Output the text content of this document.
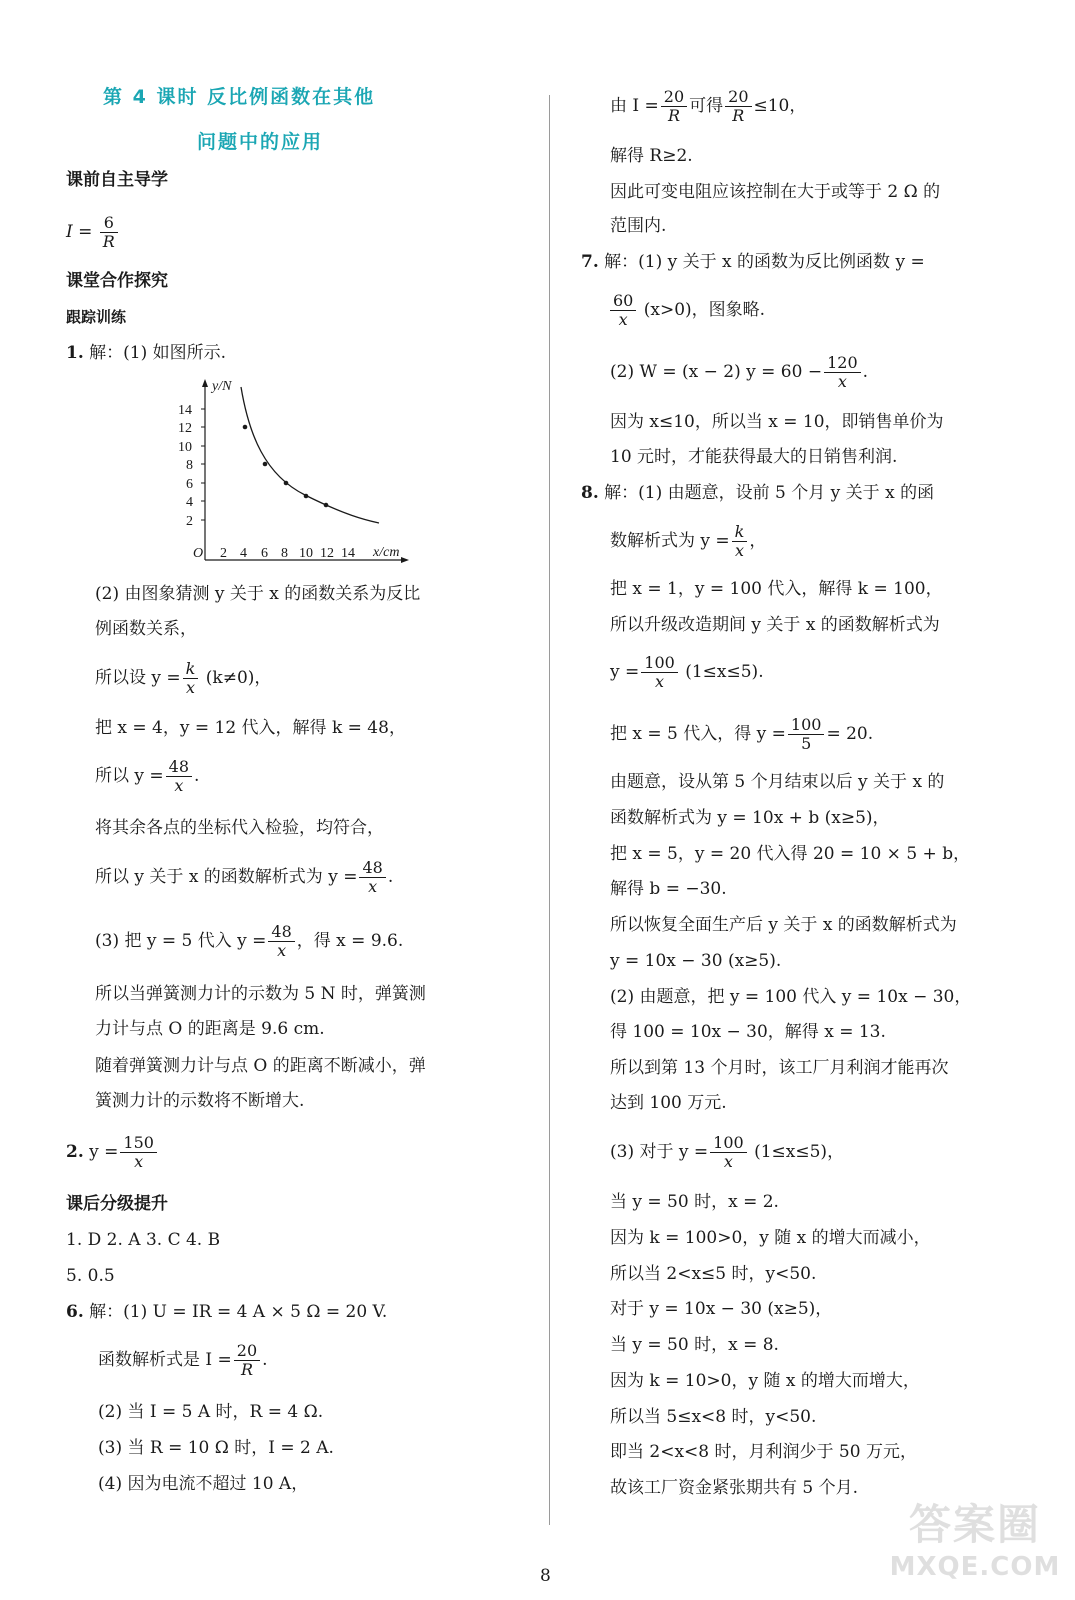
第 4 课时 反比例函数在其他
问题中的应用
课前自主导学
$I = \frac{6}{R}$
课堂合作探究
跟踪训练
1. 解：(1) 如图所示.
y/N
x/cm
O
14
12
10
8
6
4
2
2 4 6 8 10 12 14
(2) 由图象猜测 y 关于 x 的函数关系为反比
例函数关系，
所以设 $y = \frac{k}{x} (k\ne 0)$，
把 x = 4，y = 12 代入，解得 k = 48，
所以 $y = \frac{48}{x}$ .
将其余各点的坐标代入检验，均符合，
所以 y 关于 x 的函数解析式为 $y = \frac{48}{x}$ .
(3) 把 y = 5 代入 $y = \frac{48}{x}$ ，得 x = 9.6.
所以当弹簧测力计的示数为 5 N 时，弹簧测
力计与点 O 的距离是 9.6 cm.
随着弹簧测力计与点 O 的距离不断减小，弹
簧测力计的示数将不断增大.
2. $y = \frac{150}{x}$
课后分级提升
1. D 2. A 3. C 4. B
5. 0.5
6. 解：(1) U = IR = 4 A × 5 Ω = 20 V.
函数解析式是 $I = \frac{20}{R}$ .
(2) 当 I = 5 A 时，R = 4 Ω.
(3) 当 R = 10 Ω 时，I = 2 A.
(4) 因为电流不超过 10 A，
由 $I = \frac{20}{R}$ 可得 $\frac{20}{R} \le 10$，
解得 R≥2.
因此可变电阻应该控制在大于或等于 2 Ω 的
范围内.
7. 解：(1) y 关于 x 的函数为反比例函数 y =
$\frac{60}{x} (x>0)$，图象略.
(2) W = (x − 2) $y = 60 - \frac{120}{x}$ .
因为 x≤10，所以当 x = 10，即销售单价为
10 元时，才能获得最大的日销售利润.
8. 解：(1) 由题意，设前 5 个月 y 关于 x 的函
数解析式为 $y = \frac{k}{x}$ ，
把 x = 1，y = 100 代入，解得 k = 100，
所以升级改造期间 y 关于 x 的函数解析式为
$y = \frac{100}{x} (1\le x\le 5)$.
把 x = 5 代入，得 $y = \frac{100}{5} = 20$.
由题意，设从第 5 个月结束以后 y 关于 x 的
函数解析式为 y = 10x + b (x≥5)，
把 x = 5，y = 20 代入得 20 = 10 × 5 + b，
解得 b = −30.
所以恢复全面生产后 y 关于 x 的函数解析式为
y = 10x − 30 (x≥5).
(2) 由题意，把 y = 100 代入 y = 10x − 30，
得 100 = 10x − 30，解得 x = 13.
所以到第 13 个月时，该工厂月利润才能再次
达到 100 万元.
(3) 对于 $y = \frac{100}{x} (1\le x\le 5)$，
当 y = 50 时，x = 2.
因为 k = 100>0，y 随 x 的增大而减小，
所以当 2<x≤5 时，y<50.
对于 y = 10x − 30 (x≥5)，
当 y = 50 时，x = 8.
因为 k = 10>0，y 随 x 的增大而增大，
所以当 5≤x<8 时，y<50.
即当 2<x<8 时，月利润少于 50 万元，
故该工厂资金紧张期共有 5 个月.
8
答案圈
MXQE.COM
